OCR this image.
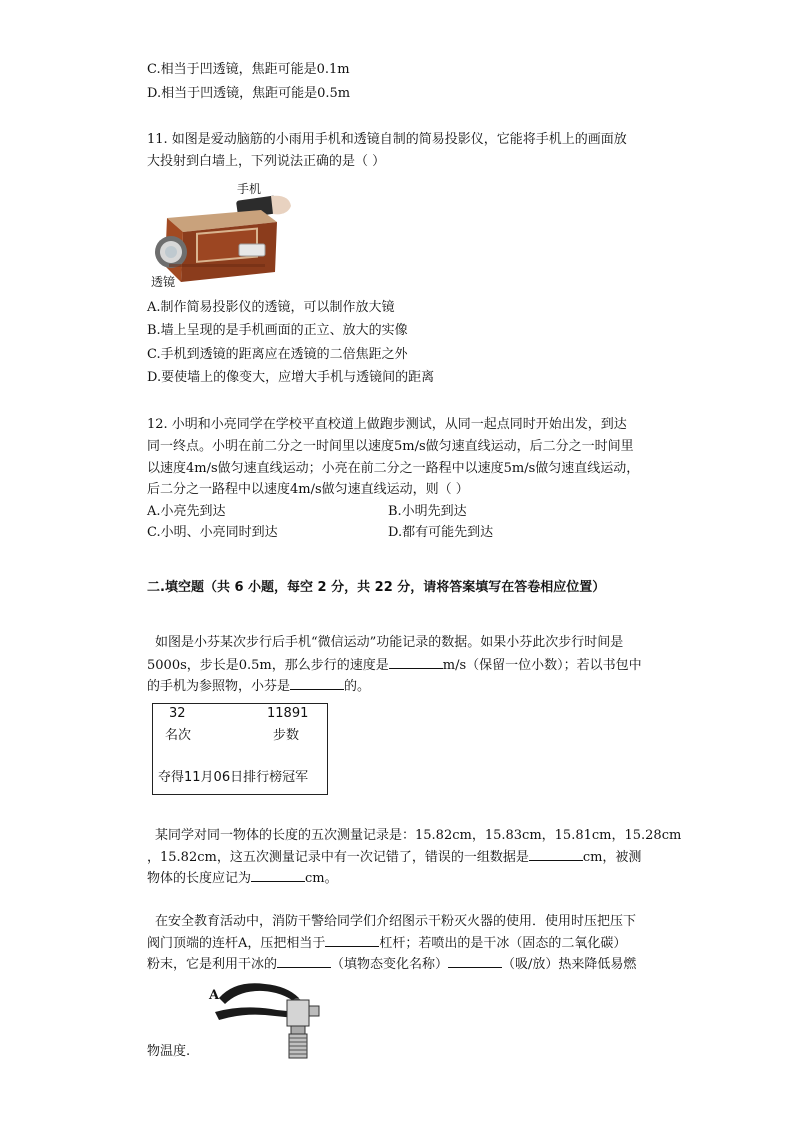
C.相当于凹透镜，焦距可能是0.1m
D.相当于凹透镜，焦距可能是0.5m
11. 如图是爱动脑筋的小雨用手机和透镜自制的简易投影仪，它能将手机上的画面放
大投射到白墙上，下列说法正确的是（ ）
手机
透镜
A.制作简易投影仪的透镜，可以制作放大镜
B.墙上呈现的是手机画面的正立、放大的实像
C.手机到透镜的距离应在透镜的二倍焦距之外
D.要使墙上的像变大，应增大手机与透镜间的距离
12. 小明和小亮同学在学校平直校道上做跑步测试，从同一起点同时开始出发，到达
同一终点。小明在前二分之一时间里以速度5m/s做匀速直线运动，后二分之一时间里
以速度4m/s做匀速直线运动；小亮在前二分之一路程中以速度5m/s做匀速直线运动，
后二分之一路程中以速度4m/s做匀速直线运动，则（ ）
A.小亮先到达	B.小明先到达
C.小明、小亮同时到达	D.都有可能先到达
二.填空题（共 6 小题，每空 2 分，共 22 分，请将答案填写在答卷相应位置）
如图是小芬某次步行后手机“微信运动”功能记录的数据。如果小芬此次步行时间是
5000s，步长是0.5m，那么步行的速度是	m/s（保留一位小数）；若以书包中
的手机为参照物，小芬是	的。
32	11891
名次	步数
夺得11月06日排行榜冠军
某同学对同一物体的长度的五次测量记录是：15.82cm，15.83cm，15.81cm，15.28cm
，15.82cm，这五次测量记录中有一次记错了，错误的一组数据是	cm，被测
物体的长度应记为	cm。
在安全教育活动中，消防干警给同学们介绍图示干粉灭火器的使用．使用时压把压下
阀门顶端的连杆A，压把相当于	杠杆；若喷出的是干冰（固态的二氧化碳）
粉末，它是利用干冰的	（填物态变化名称）	（吸/放）热来降低易燃
A
物温度.
